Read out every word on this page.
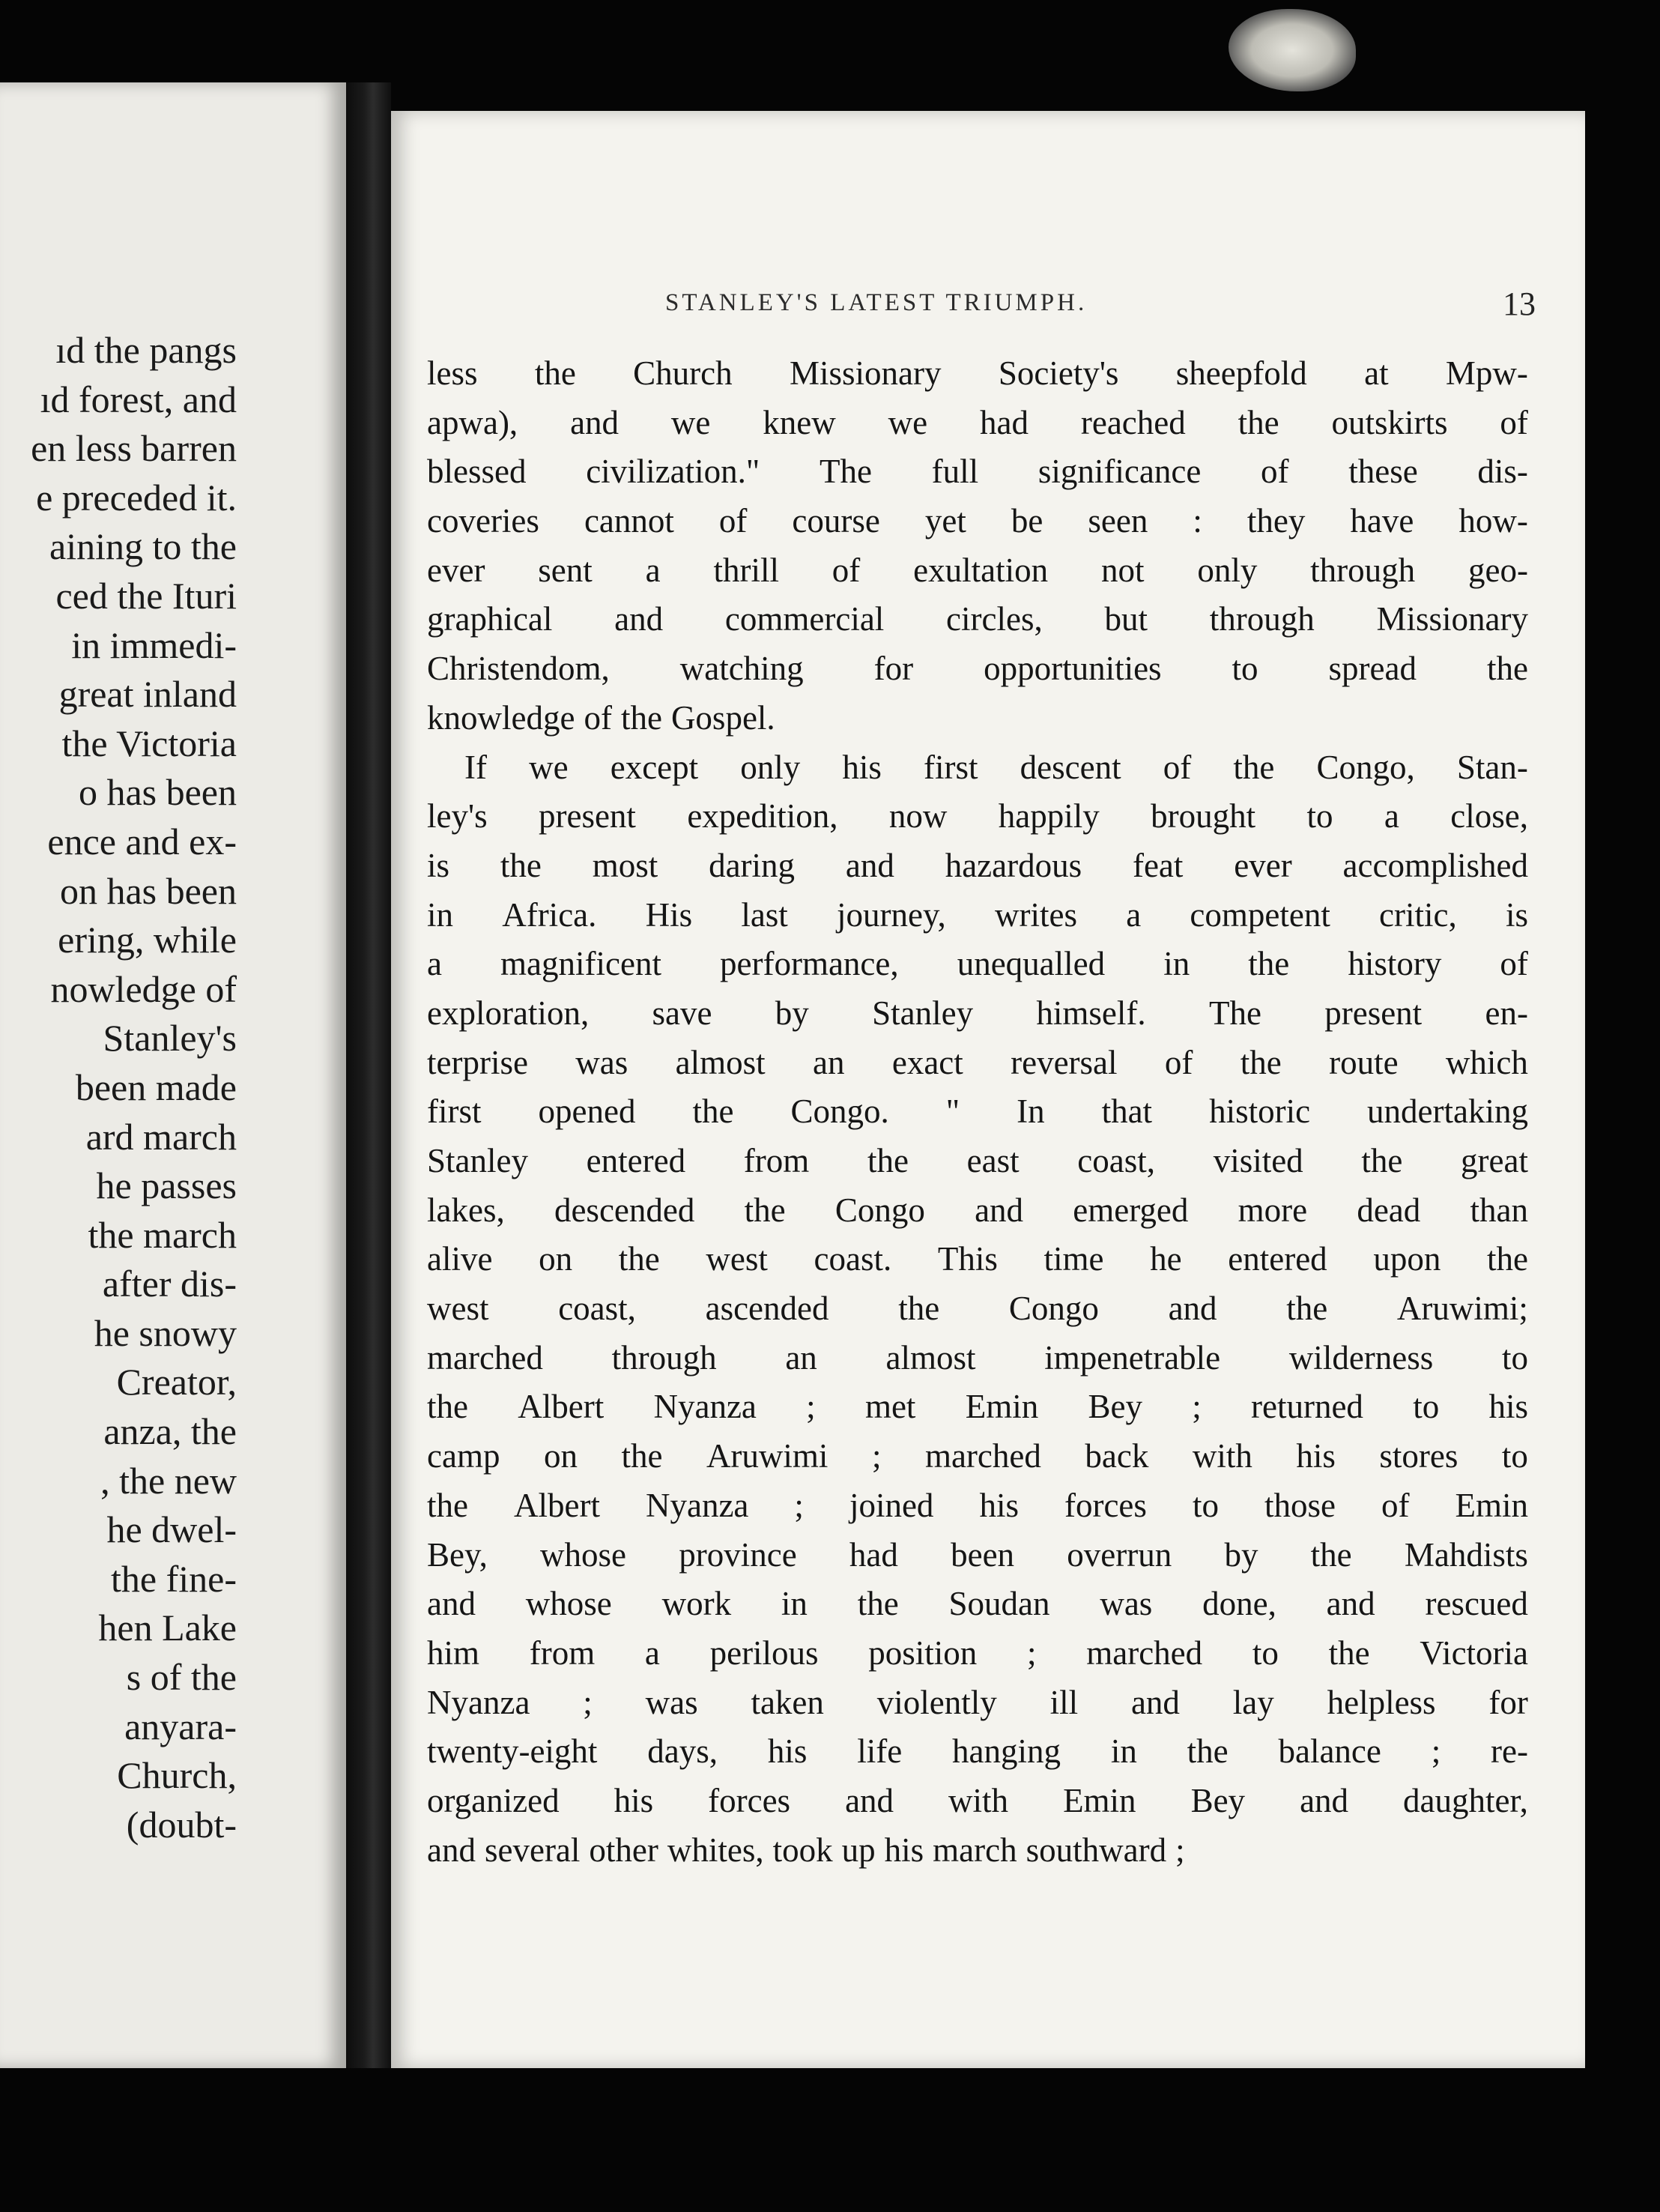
ıd the pangs
ıd forest, and
en less barren
e preceded it.
aining to the
ced the Ituri
in immedi-
great inland
the Victoria
o has been
ence and ex-
on has been
ering, while
nowledge of
Stanley's
been made
ard march
he passes
the march
after dis-
he snowy
Creator,
anza, the
, the new
he dwel-
the fine-
hen Lake
s of the
anyara-
Church,
(doubt-
STANLEY'S LATEST TRIUMPH.	13
less the Church Missionary Society's sheepfold at Mpw-
apwa), and we knew we had reached the outskirts of
blessed civilization." The full significance of these dis-
coveries cannot of course yet be seen : they have how-
ever sent a thrill of exultation not only through geo-
graphical and commercial circles, but through Missionary
Christendom, watching for opportunities to spread the
knowledge of the Gospel.
If we except only his first descent of the Congo, Stan-
ley's present expedition, now happily brought to a close,
is the most daring and hazardous feat ever accomplished
in Africa. His last journey, writes a competent critic, is
a magnificent performance, unequalled in the history of
exploration, save by Stanley himself. The present en-
terprise was almost an exact reversal of the route which
first opened the Congo. " In that historic undertaking
Stanley entered from the east coast, visited the great
lakes, descended the Congo and emerged more dead than
alive on the west coast. This time he entered upon the
west coast, ascended the Congo and the Aruwimi;
marched through an almost impenetrable wilderness to
the Albert Nyanza ; met Emin Bey ; returned to his
camp on the Aruwimi ; marched back with his stores to
the Albert Nyanza ; joined his forces to those of Emin
Bey, whose province had been overrun by the Mahdists
and whose work in the Soudan was done, and rescued
him from a perilous position ; marched to the Victoria
Nyanza ; was taken violently ill and lay helpless for
twenty-eight days, his life hanging in the balance ; re-
organized his forces and with Emin Bey and daughter,
and several other whites, took up his march southward ;
